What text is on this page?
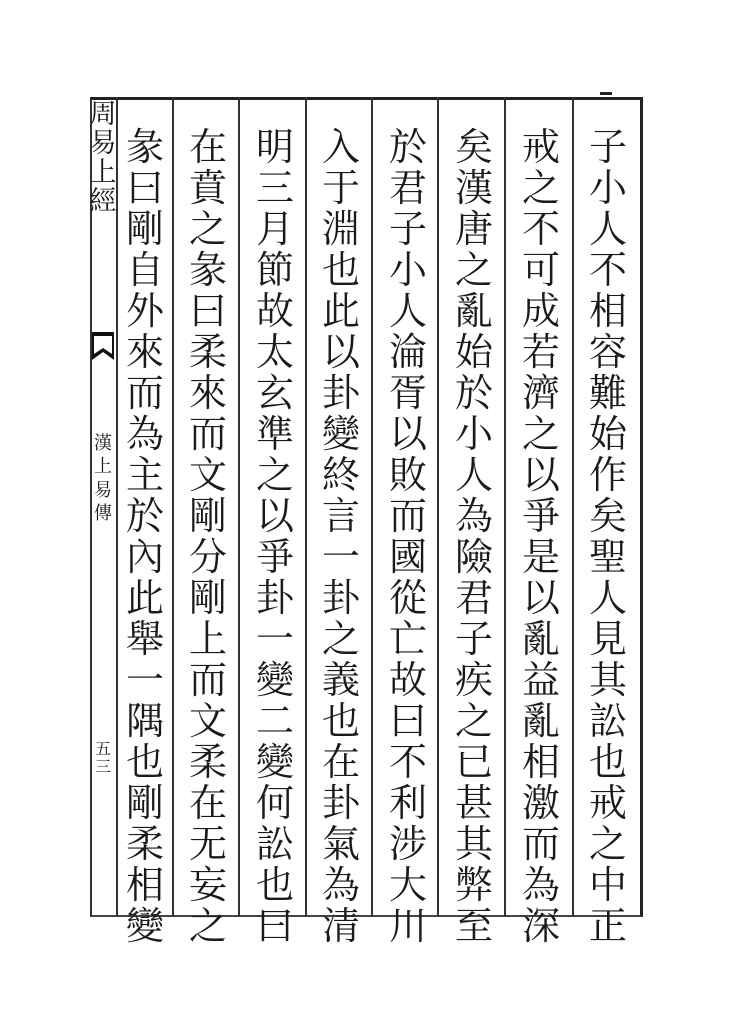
周
易
上
經
漢
上
易
傳
五
三
子
小
人
不
相
容
難
始
作
矣
聖
人
見
其
訟
也
戒
之
中
正
戒
之
不
可
成
若
濟
之
以
爭
是
以
亂
益
亂
相
激
而
為
深
矣
漢
唐
之
亂
始
於
小
人
為
險
君
子
疾
之
已
甚
其
弊
至
於
君
子
小
人
淪
胥
以
敗
而
國
從
亡
故
曰
不
利
涉
大
川
入
于
淵
也
此
以
卦
變
終
言
一
卦
之
義
也
在
卦
氣
為
清
明
三
月
節
故
太
玄
準
之
以
爭
卦
一
變
二
變
何
訟
也
曰
在
賁
之
彖
曰
柔
來
而
文
剛
分
剛
上
而
文
柔
在
无
妄
之
彖
曰
剛
自
外
來
而
為
主
於
內
此
舉
一
隅
也
剛
柔
相
變
